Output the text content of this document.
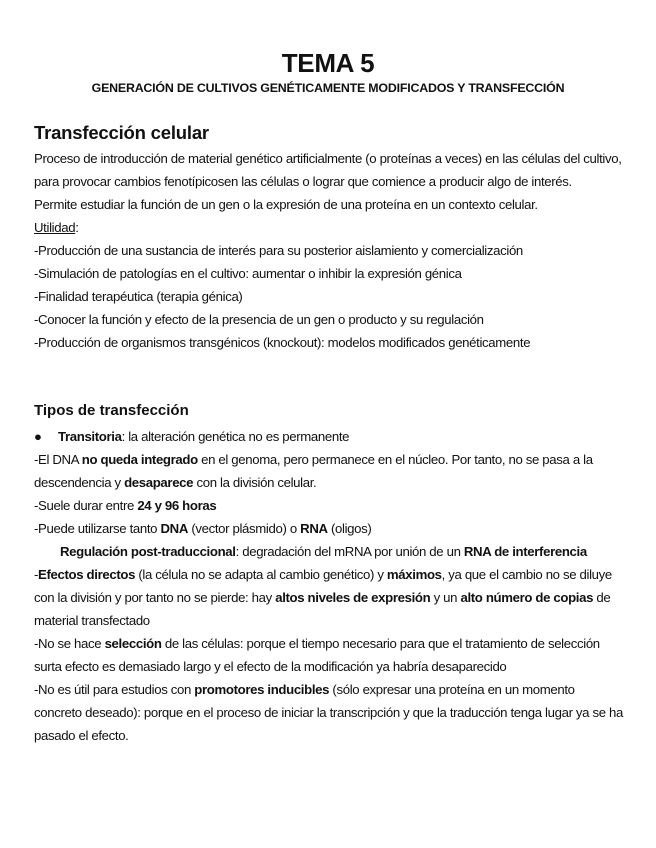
TEMA 5
GENERACIÓN DE CULTIVOS GENÉTICAMENTE MODIFICADOS Y TRANSFECCIÓN
Transfección celular

Proceso de introducción de material genético artificialmente (o proteínas a veces) en las células del cultivo, para provocar cambios fenotípicosen las células o lograr que comience a producir algo de interés.

Permite estudiar la función de un gen o la expresión de una proteína en un contexto celular.

Utilidad:

-Producción de una sustancia de interés para su posterior aislamiento y comercialización

-Simulación de patologías en el cultivo: aumentar o inhibir la expresión génica

-Finalidad terapéutica (terapia génica)

-Conocer la función y efecto de la presencia de un gen o producto y su regulación

-Producción de organismos transgénicos (knockout): modelos modificados genéticamente

Tipos de transfección

●	Transitoria: la alteración genética no es permanente

-El DNA no queda integrado en el genoma, pero permanece en el núcleo. Por tanto, no se pasa a la descendencia y desaparece con la división celular.

-Suele durar entre 24 y 96 horas

-Puede utilizarse tanto DNA (vector plásmido) o RNA (oligos)

Regulación post-traduccional: degradación del mRNA por unión de un RNA de interferencia

-Efectos directos (la célula no se adapta al cambio genético) y máximos, ya que el cambio no se diluye con la división y por tanto no se pierde: hay altos niveles de expresión y un alto número de copias de material transfectado

-No se hace selección de las células: porque el tiempo necesario para que el tratamiento de selección surta efecto es demasiado largo y el efecto de la modificación ya habría desaparecido

-No es útil para estudios con promotores inducibles (sólo expresar una proteína en un momento concreto deseado): porque en el proceso de iniciar la transcripción y que la traducción tenga lugar ya se ha pasado el efecto.
